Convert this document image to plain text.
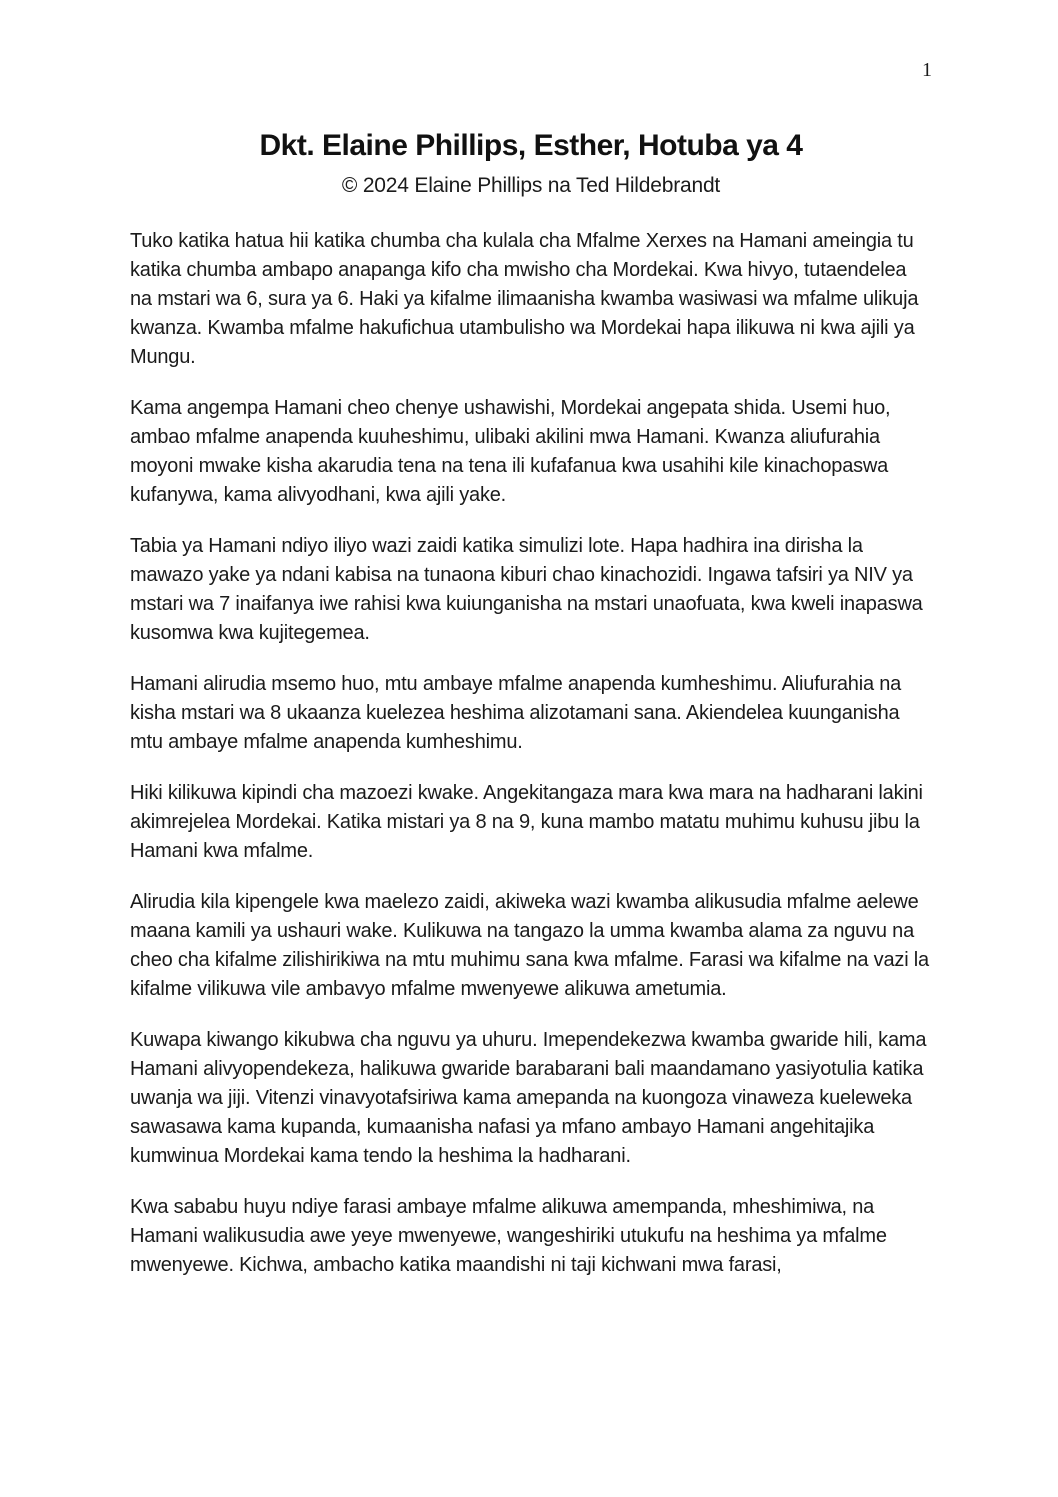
1
Dkt. Elaine Phillips, Esther, Hotuba ya 4

© 2024 Elaine Phillips na Ted Hildebrandt

Tuko katika hatua hii katika chumba cha kulala cha Mfalme Xerxes na Hamani ameingia tu katika chumba ambapo anapanga kifo cha mwisho cha Mordekai. Kwa hivyo, tutaendelea na mstari wa 6, sura ya 6. Haki ya kifalme ilimaanisha kwamba wasiwasi wa mfalme ulikuja kwanza. Kwamba mfalme hakufichua utambulisho wa Mordekai hapa ilikuwa ni kwa ajili ya Mungu.

Kama angempa Hamani cheo chenye ushawishi, Mordekai angepata shida. Usemi huo, ambao mfalme anapenda kuuheshimu, ulibaki akilini mwa Hamani. Kwanza aliufurahia moyoni mwake kisha akarudia tena na tena ili kufafanua kwa usahihi kile kinachopaswa kufanywa, kama alivyodhani, kwa ajili yake.

Tabia ya Hamani ndiyo iliyo wazi zaidi katika simulizi lote. Hapa hadhira ina dirisha la mawazo yake ya ndani kabisa na tunaona kiburi chao kinachozidi. Ingawa tafsiri ya NIV ya mstari wa 7 inaifanya iwe rahisi kwa kuiunganisha na mstari unaofuata, kwa kweli inapaswa kusomwa kwa kujitegemea.

Hamani alirudia msemo huo, mtu ambaye mfalme anapenda kumheshimu. Aliufurahia na kisha mstari wa 8 ukaanza kuelezea heshima alizotamani sana. Akiendelea kuunganisha mtu ambaye mfalme anapenda kumheshimu.

Hiki kilikuwa kipindi cha mazoezi kwake. Angekitangaza mara kwa mara na hadharani lakini akimrejelea Mordekai. Katika mistari ya 8 na 9, kuna mambo matatu muhimu kuhusu jibu la Hamani kwa mfalme.

Alirudia kila kipengele kwa maelezo zaidi, akiweka wazi kwamba alikusudia mfalme aelewe maana kamili ya ushauri wake. Kulikuwa na tangazo la umma kwamba alama za nguvu na cheo cha kifalme zilishirikiwa na mtu muhimu sana kwa mfalme. Farasi wa kifalme na vazi la kifalme vilikuwa vile ambavyo mfalme mwenyewe alikuwa ametumia.

Kuwapa kiwango kikubwa cha nguvu ya uhuru. Imependekezwa kwamba gwaride hili, kama Hamani alivyopendekeza, halikuwa gwaride barabarani bali maandamano yasiyotulia katika uwanja wa jiji. Vitenzi vinavyotafsiriwa kama amepanda na kuongoza vinaweza kueleweka sawasawa kama kupanda, kumaanisha nafasi ya mfano ambayo Hamani angehitajika kumwinua Mordekai kama tendo la heshima la hadharani.

Kwa sababu huyu ndiye farasi ambaye mfalme alikuwa amempanda, mheshimiwa, na Hamani walikusudia awe yeye mwenyewe, wangeshiriki utukufu na heshima ya mfalme mwenyewe. Kichwa, ambacho katika maandishi ni taji kichwani mwa farasi,
